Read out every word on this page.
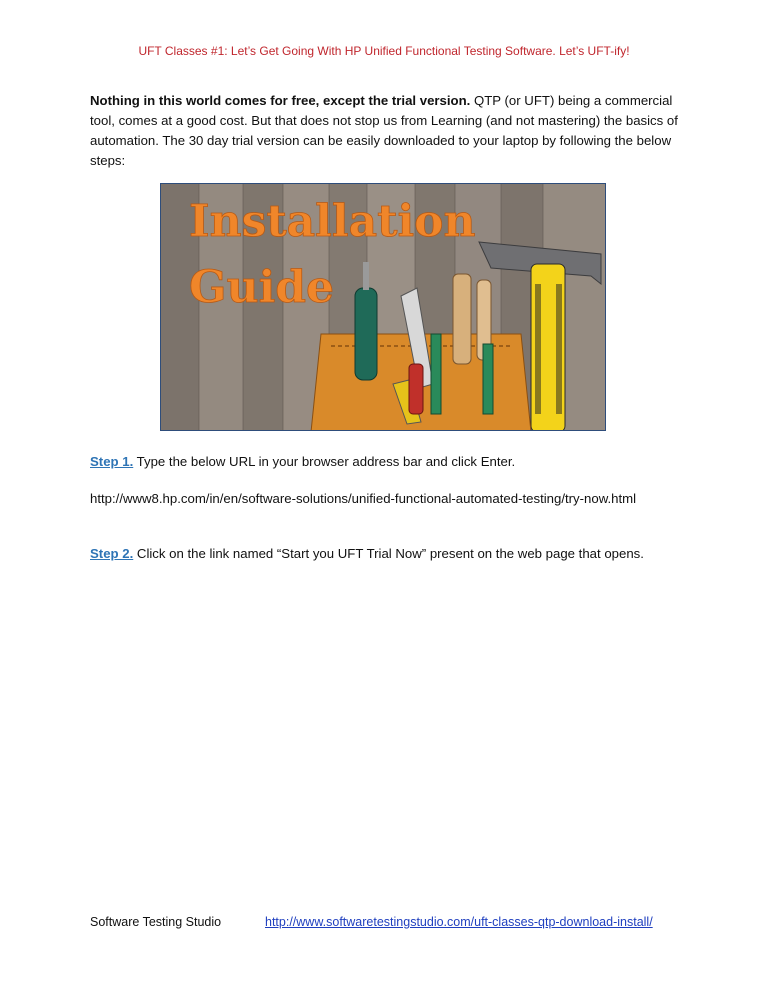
UFT Classes #1: Let’s Get Going With HP Unified Functional Testing Software. Let’s UFT-ify!
Nothing in this world comes for free, except the trial version. QTP (or UFT) being a commercial tool, comes at a good cost. But that does not stop us from Learning (and not mastering) the basics of automation. The 30 day trial version can be easily downloaded to your laptop by following the below steps:
Installation
Guide
Step 1. Type the below URL in your browser address bar and click Enter.
http://www8.hp.com/in/en/software-solutions/unified-functional-automated-testing/try-now.html
Step 2. Click on the link named “Start you UFT Trial Now” present on the web page that opens.
Software Testing Studio	http://www.softwaretestingstudio.com/uft-classes-qtp-download-install/
